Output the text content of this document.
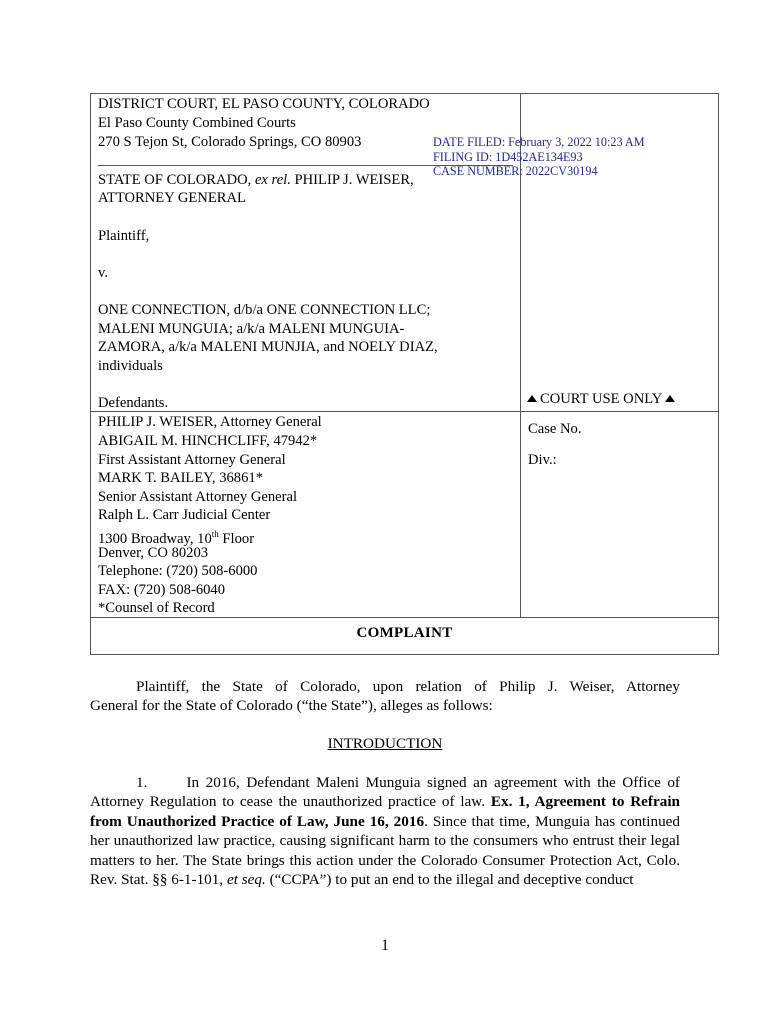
DISTRICT COURT, EL PASO COUNTY, COLORADO
El Paso County Combined Courts
270 S Tejon St, Colorado Springs, CO 80903
STATE OF COLORADO, ex rel. PHILIP J. WEISER,
ATTORNEY GENERAL
Plaintiff,
v.
ONE CONNECTION, d/b/a ONE CONNECTION LLC;
MALENI MUNGUIA; a/k/a MALENI MUNGUIA-
ZAMORA, a/k/a MALENI MUNJIA, and NOELY DIAZ,
individuals
Defendants.	COURT USE ONLY
PHILIP J. WEISER, Attorney General
ABIGAIL M. HINCHCLIFF, 47942*
First Assistant Attorney General
MARK T. BAILEY, 36861*
Senior Assistant Attorney General
Ralph L. Carr Judicial Center
1300 Broadway, 10th Floor
Denver, CO 80203
Telephone: (720) 508-6000
FAX: (720) 508-6040
*Counsel of Record
Case No.
Div.:
COMPLAINT
DATE FILED: February 3, 2022 10:23 AM
FILING ID: 1D452AE134E93
CASE NUMBER: 2022CV30194
Plaintiff, the State of Colorado, upon relation of Philip J. Weiser, Attorney
General for the State of Colorado (“the State”), alleges as follows:
INTRODUCTION
1.	In 2016, Defendant Maleni Munguia signed an agreement with the Office of Attorney Regulation to cease the unauthorized practice of law. Ex. 1, Agreement to Refrain from Unauthorized Practice of Law, June 16, 2016. Since that time, Munguia has continued her unauthorized law practice, causing significant harm to the consumers who entrust their legal matters to her. The State brings this action under the Colorado Consumer Protection Act, Colo. Rev. Stat. §§ 6-1-101, et seq. (“CCPA”) to put an end to the illegal and deceptive conduct
1
